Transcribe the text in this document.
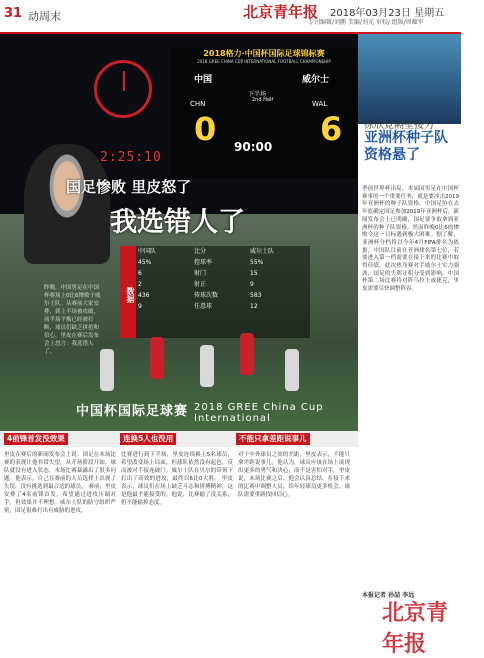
31 动周末	北京青年报 2018年03月23日 星期五
专刊编辑/刘鹏 美编/刘光 审校/ 组版/周耀军
2:25:10
2018格力·中国杯国际足球锦标赛
2018 GREE CHINA CUP INTERNATIONAL FOOTBALL CHAMPIONSHIP
中国	威尔士
下半场
2nd Half
CHN	WAL
0	6
90:00
国足惨败 里皮怒了
我选错人了
数据
中国队	比分	威尔士队
45%	控球率	55%
6	射门	15
2	射正	9
436	传球次数	583
9	任意球	12
昨晚，中国男足在中国杯赛场上0比6惨败于威尔士队。从赛前大家安排，到上半场被攻破，前半场平衡已经被打断，球员们缺乏拼抢和信心，里皮在赛后发布会上怒言：我选错人了。
中国杯国际足球赛 2018 GREE China Cup International
里皮
徐欣竞隔壁接力
亚洲杯种子队资格悬了
季前世界杯出局，本届国男足在中国杯赛事的一个重要任务，就是要冲击2019年亚洲杯的种子队资格。中国足协在去年底确定国足参加2019年亚洲杯后，新闻发布会上已明确，国足要争取拿到亚洲杯的种子队资格。然而昨晚0比6的惨败令这一目标遇到极大困难。据了解，亚洲杯分档将以今年4月FIFA排名为依据，中国队目前在亚洲排名第七位，若要进入第一档需要在接下来的比赛中取得佳绩。此次热身赛对手威尔士实力强劲，国足的失利让积分受到影响，中国杯第二场比赛将对阵乌拉圭或捷克，里皮需要尽快调整阵容。
本报记者 孙喆 李远
4前锋首发没效果	连换5人也没用	不能只拿差距说事儿
里皮在赛后的新闻发布会上说：国足在本场比赛的表现让他非常失望，从开场阶段开始，球队就没有进入状态，本场比赛暴露出了很多问题。他表示，自己在赛前的人员选择上出现了失误，没有挑选到最合适的球员。 赛前，里皮安排了4名前锋首发，希望通过进攻压制对手，但效果并不理想。威尔士队的防守组织严密，国足很难打出有威胁的进攻。
比赛进行到下半场，里皮连续换上5名球员，希望改变场上局面，但球队依然没有起色，反而被对手接连破门。威尔士队在贝尔的带领下打出了高效的进攻，最终以6比0大胜。 里皮表示，球员们在场上缺乏斗志和拼搏精神，这是他最不能接受的。他说，比赛输了没关系，但不能输掉态度。
对于中外球员之间的差距，里皮表示，不能只拿差距说事儿。他认为，球员应该在场上展现出更多的勇气和决心，而不是害怕对手。里皮说，本场比赛之后，他会认真总结，在接下来的比赛中调整人员，给年轻球员更多机会，球队需要重新找回信心。
北京青年报
